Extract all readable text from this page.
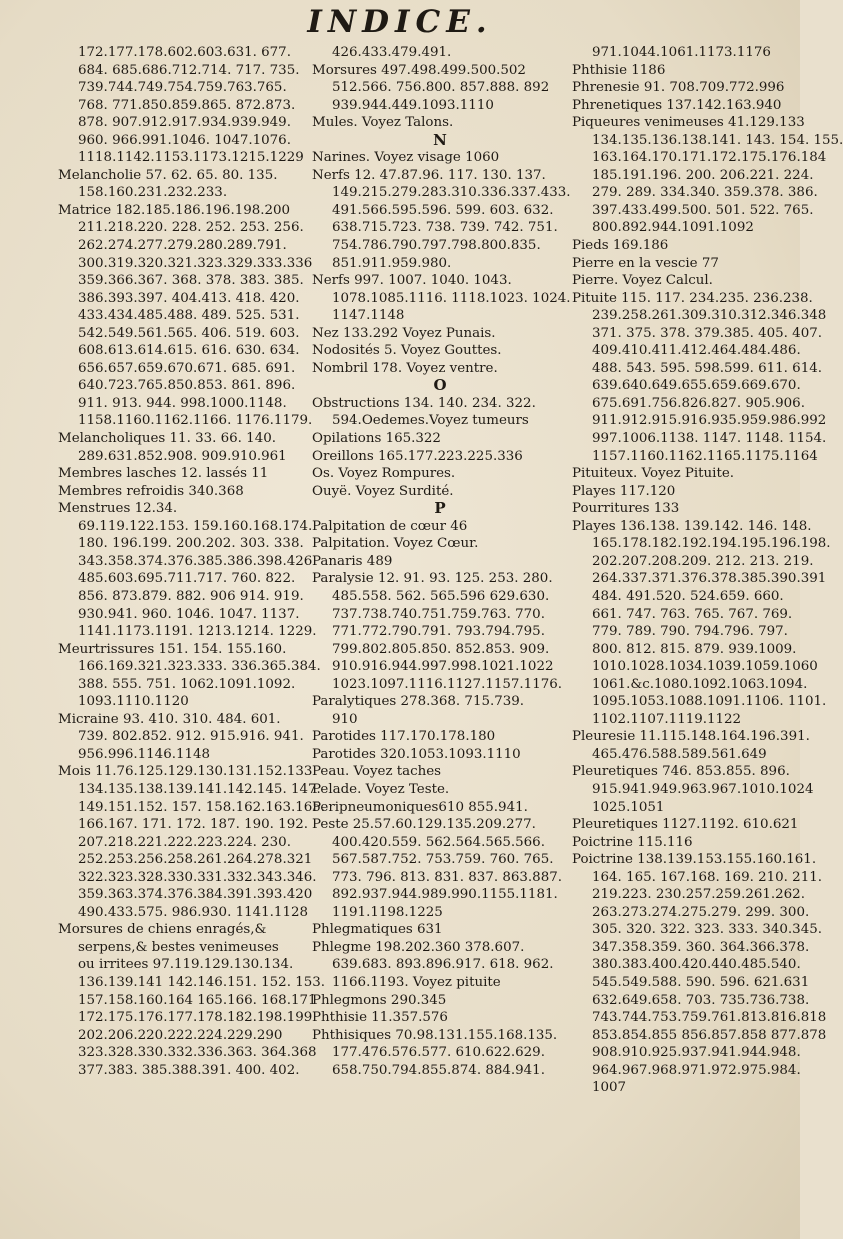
INDICE.
172.177.178.602.603.631. 677.
684. 685.686.712.714. 717. 735.
739.744.749.754.759.763.765.
768. 771.850.859.865. 872.873.
878. 907.912.917.934.939.949.
960. 966.991.1046. 1047.1076.
1118.1142.1153.1173.1215.1229
Melancholie 57. 62. 65. 80. 135.
158.160.231.232.233.
Matrice 182.185.186.196.198.200
211.218.220. 228. 252. 253. 256.
262.274.277.279.280.289.791.
300.319.320.321.323.329.333.336
359.366.367. 368. 378. 383. 385.
386.393.397. 404.413. 418. 420.
433.434.485.488. 489. 525. 531.
542.549.561.565. 406. 519. 603.
608.613.614.615. 616. 630. 634.
656.657.659.670.671. 685. 691.
640.723.765.850.853. 861. 896.
911. 913. 944. 998.1000.1148.
1158.1160.1162.1166. 1176.1179.
Melancholiques 11. 33. 66. 140.
289.631.852.908. 909.910.961
Membres lasches 12. lassés 11
Membres refroidis 340.368
Menstrues 12.34.
69.119.122.153. 159.160.168.174.
180. 196.199. 200.202. 303. 338.
343.358.374.376.385.386.398.426
485.603.695.711.717. 760. 822.
856. 873.879. 882. 906 914. 919.
930.941. 960. 1046. 1047. 1137.
1141.1173.1191. 1213.1214. 1229.
Meurtrissures 151. 154. 155.160.
166.169.321.323.333. 336.365.384.
388. 555. 751. 1062.1091.1092.
1093.1110.1120
Micraine 93. 410. 310. 484. 601.
739. 802.852. 912. 915.916. 941.
956.996.1146.1148
Mois 11.76.125.129.130.131.152.133
134.135.138.139.141.142.145. 147.
149.151.152. 157. 158.162.163.165.
166.167. 171. 172. 187. 190. 192.
207.218.221.222.223.224. 230.
252.253.256.258.261.264.278.321
322.323.328.330.331.332.343.346.
359.363.374.376.384.391.393.420
490.433.575. 986.930. 1141.1128
Morsures de chiens enragés,&
serpens,& bestes venimeuses
ou irritees 97.119.129.130.134.
136.139.141 142.146.151. 152. 153.
157.158.160.164 165.166. 168.171
172.175.176.177.178.182.198.199
202.206.220.222.224.229.290
323.328.330.332.336.363. 364.368
377.383. 385.388.391. 400. 402.
426.433.479.491.
Morsures 497.498.499.500.502
512.566. 756.800. 857.888. 892
939.944.449.1093.1110
Mules. Voyez Talons.
N
Narines. Voyez visage 1060
Nerfs 12. 47.87.96. 117. 130. 137.
149.215.279.283.310.336.337.433.
491.566.595.596. 599. 603. 632.
638.715.723. 738. 739. 742. 751.
754.786.790.797.798.800.835.
851.911.959.980.
Nerfs 997. 1007. 1040. 1043.
1078.1085.1116. 1118.1023. 1024.
1147.1148
Nez 133.292 Voyez Punais.
Nodosités 5. Voyez Gouttes.
Nombril 178. Voyez ventre.
O
Obstructions 134. 140. 234. 322.
594.Oedemes.Voyez tumeurs
Opilations 165.322
Oreillons 165.177.223.225.336
Os. Voyez Rompures.
Ouyë. Voyez Surdité.
P
Palpitation de cœur 46
Palpitation. Voyez Cœur.
Panaris 489
Paralysie 12. 91. 93. 125. 253. 280.
485.558. 562. 565.596 629.630.
737.738.740.751.759.763. 770.
771.772.790.791. 793.794.795.
799.802.805.850. 852.853. 909.
910.916.944.997.998.1021.1022
1023.1097.1116.1127.1157.1176.
Paralytiques 278.368. 715.739.
910
Parotides 117.170.178.180
Parotides 320.1053.1093.1110
Peau. Voyez taches
Pelade. Voyez Teste.
Peripneumoniques610 855.941.
Peste 25.57.60.129.135.209.277.
400.420.559. 562.564.565.566.
567.587.752. 753.759. 760. 765.
773. 796. 813. 831. 837. 863.887.
892.937.944.989.990.1155.1181.
1191.1198.1225
Phlegmatiques 631
Phlegme 198.202.360 378.607.
639.683. 893.896.917. 618. 962.
1166.1193. Voyez pituite
Phlegmons 290.345
Phthisie 11.357.576
Phthisiques 70.98.131.155.168.135.
177.476.576.577. 610.622.629.
658.750.794.855.874. 884.941.
971.1044.1061.1173.1176
Phthisie 1186
Phrenesie 91. 708.709.772.996
Phrenetiques 137.142.163.940
Piqueures venimeuses 41.129.133
134.135.136.138.141. 143. 154. 155.
163.164.170.171.172.175.176.184
185.191.196. 200. 206.221. 224.
279. 289. 334.340. 359.378. 386.
397.433.499.500. 501. 522. 765.
800.892.944.1091.1092
Pieds 169.186
Pierre en la vescie 77
Pierre. Voyez Calcul.
Pituite 115. 117. 234.235. 236.238.
239.258.261.309.310.312.346.348
371. 375. 378. 379.385. 405. 407.
409.410.411.412.464.484.486.
488. 543. 595. 598.599. 611. 614.
639.640.649.655.659.669.670.
675.691.756.826.827. 905.906.
911.912.915.916.935.959.986.992
997.1006.1138. 1147. 1148. 1154.
1157.1160.1162.1165.1175.1164
Pituiteux. Voyez Pituite.
Playes 117.120
Pourritures 133
Playes 136.138. 139.142. 146. 148.
165.178.182.192.194.195.196.198.
202.207.208.209. 212. 213. 219.
264.337.371.376.378.385.390.391
484. 491.520. 524.659. 660.
661. 747. 763. 765. 767. 769.
779. 789. 790. 794.796. 797.
800. 812. 815. 879. 939.1009.
1010.1028.1034.1039.1059.1060
1061.&c.1080.1092.1063.1094.
1095.1053.1088.1091.1106. 1101.
1102.1107.1119.1122
Pleuresie 11.115.148.164.196.391.
465.476.588.589.561.649
Pleuretiques 746. 853.855. 896.
915.941.949.963.967.1010.1024
1025.1051
Pleuretiques 1127.1192. 610.621
Poictrine 115.116
Poictrine 138.139.153.155.160.161.
164. 165. 167.168. 169. 210. 211.
219.223. 230.257.259.261.262.
263.273.274.275.279. 299. 300.
305. 320. 322. 323. 333. 340.345.
347.358.359. 360. 364.366.378.
380.383.400.420.440.485.540.
545.549.588. 590. 596. 621.631
632.649.658. 703. 735.736.738.
743.744.753.759.761.813.816.818
853.854.855 856.857.858 877.878
908.910.925.937.941.944.948.
964.967.968.971.972.975.984.
1007
